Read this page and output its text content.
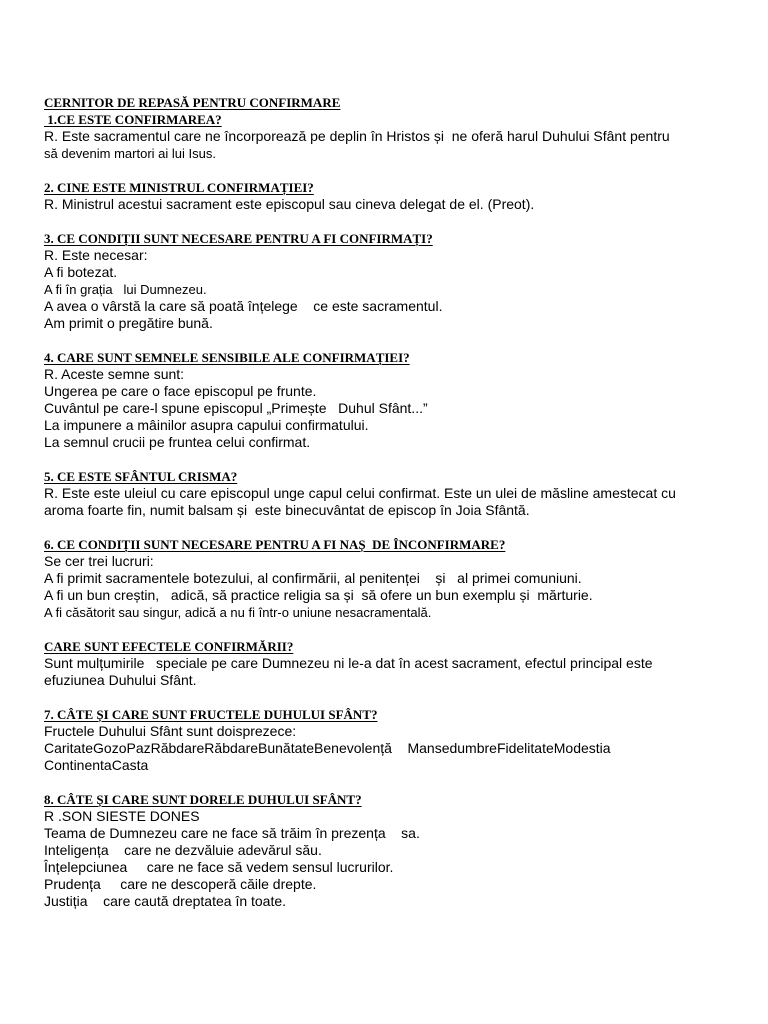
CERNITOR DE REPASĂ PENTRU CONFIRMARE

1.CE ESTE CONFIRMAREA?

R. Este sacramentul care ne încorporează pe deplin în Hristos și  ne oferă harul Duhului Sfânt pentru

să devenim martori ai lui Isus.

2. CINE ESTE MINISTRUL CONFIRMAȚIEI?

R. Ministrul acestui sacrament este episcopul sau cineva delegat de el. (Preot).

3. CE CONDIȚII SUNT NECESARE PENTRU A FI CONFIRMAȚI?

R. Este necesar:

A fi botezat.

A fi în grația   lui Dumnezeu.

A avea o vârstă la care să poată înțelege    ce este sacramentul.

Am primit o pregătire bună.

4. CARE SUNT SEMNELE SENSIBILE ALE CONFIRMAȚIEI?

R. Aceste semne sunt:

Ungerea pe care o face episcopul pe frunte.

Cuvântul pe care-l spune episcopul „Primește   Duhul Sfânt...”

La impunere a mâinilor asupra capului confirmatului.

La semnul crucii pe fruntea celui confirmat.

5. CE ESTE SFÂNTUL CRISMA?

R. Este este uleiul cu care episcopul unge capul celui confirmat. Este un ulei de măsline amestecat cu

aroma foarte fin, numit balsam și  este binecuvântat de episcop în Joia Sfântă.

6. CE CONDIȚII SUNT NECESARE PENTRU A FI NAȘ  DE ÎNCONFIRMARE?

Se cer trei lucruri:

A fi primit sacramentele botezului, al confirmării, al penitenței    și   al primei comuniuni.

A fi un bun creștin,   adică, să practice religia sa și  să ofere un bun exemplu și  mărturie.

A fi căsătorit sau singur, adică a nu fi într-o uniune nesacramentală.

CARE SUNT EFECTELE CONFIRMĂRII?

Sunt mulțumirile   speciale pe care Dumnezeu ni le-a dat în acest sacrament, efectul principal este

efuziunea Duhului Sfânt.

7. CÂTE ȘI CARE SUNT FRUCTELE DUHULUI SFÂNT?

Fructele Duhului Sfânt sunt doisprezece:

CaritateGozoPazRăbdareRăbdareBunătateBenevolență    MansedumbreFidelitateModestia

ContinentaCasta

8. CÂTE ȘI CARE SUNT DORELE DUHULUI SFÂNT?

R .SON SIESTE DONES

Teama de Dumnezeu care ne face să trăim în prezența    sa.

Inteligența    care ne dezvăluie adevărul său.

Înțelepciunea     care ne face să vedem sensul lucrurilor.

Prudența     care ne descoperă căile drepte.

Justiția    care caută dreptatea în toate.
